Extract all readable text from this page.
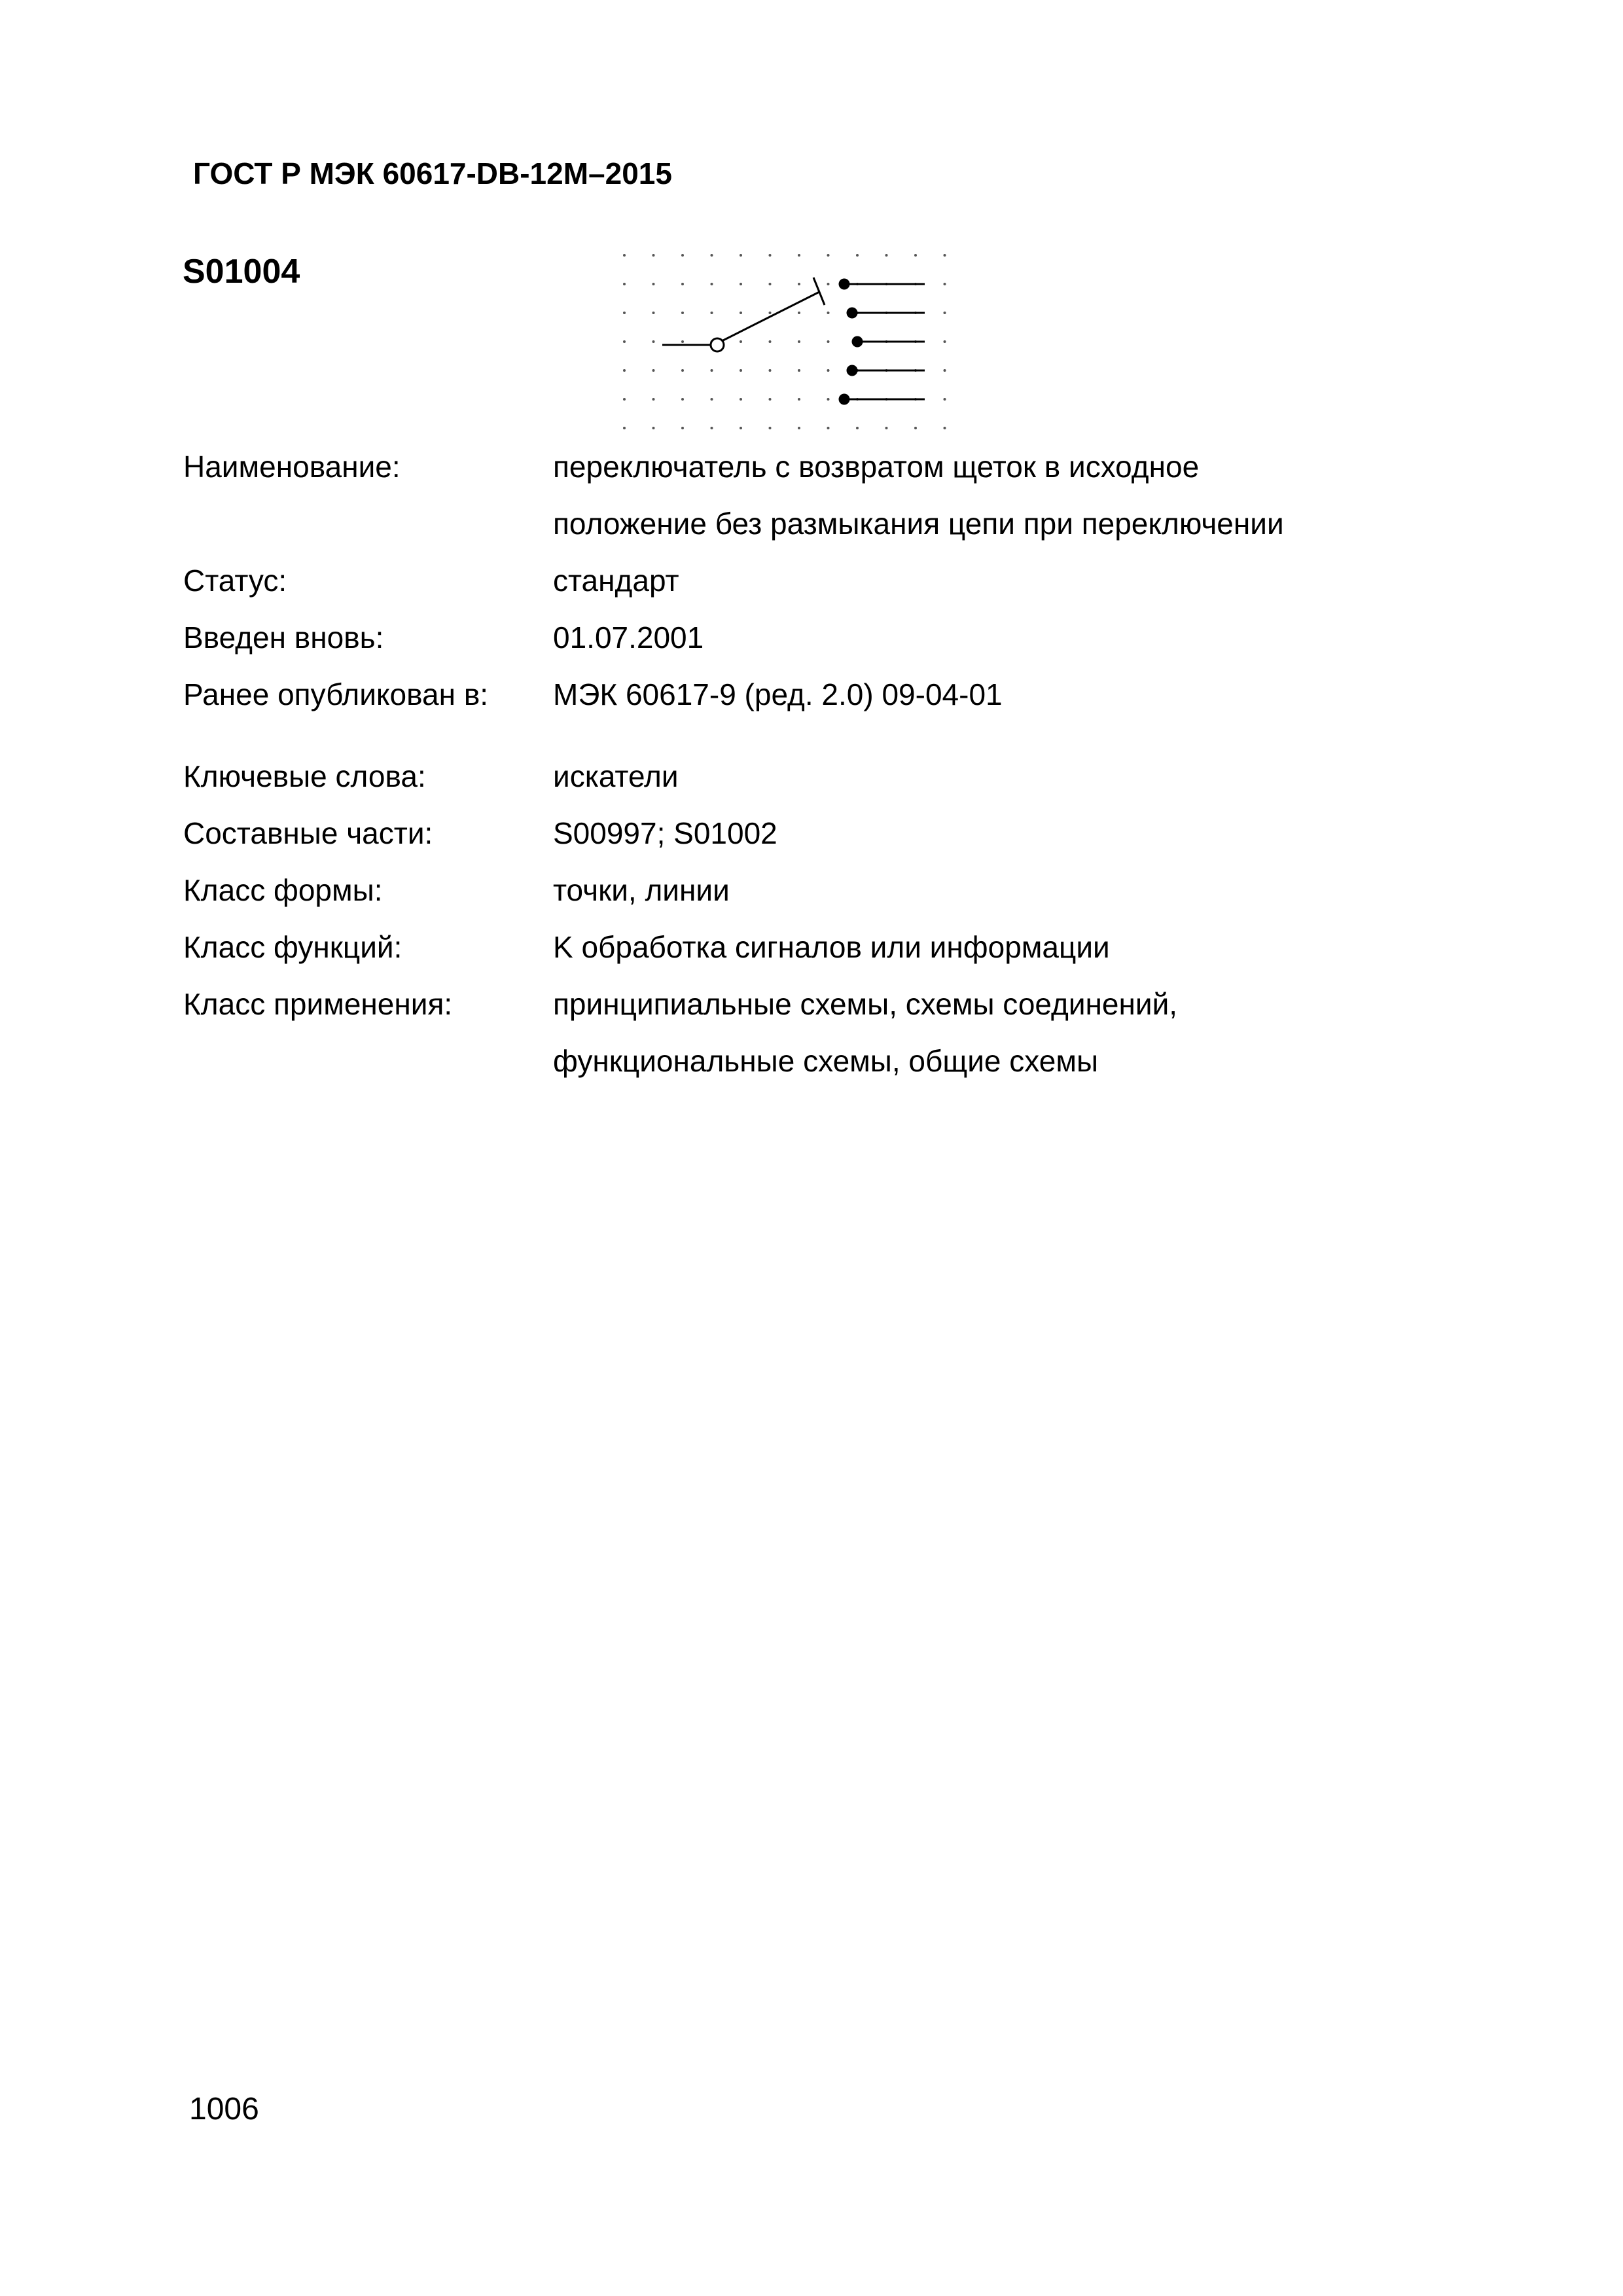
ГОСТ Р МЭК 60617-DB-12M–2015
S01004
Наименование:	переключатель с возвратом щеток в исходное
положение без размыкания цепи при переключении
Статус:	стандарт
Введен вновь:	01.07.2001
Ранее опубликован в:	МЭК 60617-9 (ред. 2.0) 09-04-01
Ключевые слова:	искатели
Составные части:	S00997; S01002
Класс формы:	точки, линии
Класс функций:	K обработка сигналов или информации
Класс применения:	принципиальные схемы, схемы соединений,
функциональные схемы, общие схемы
1006
